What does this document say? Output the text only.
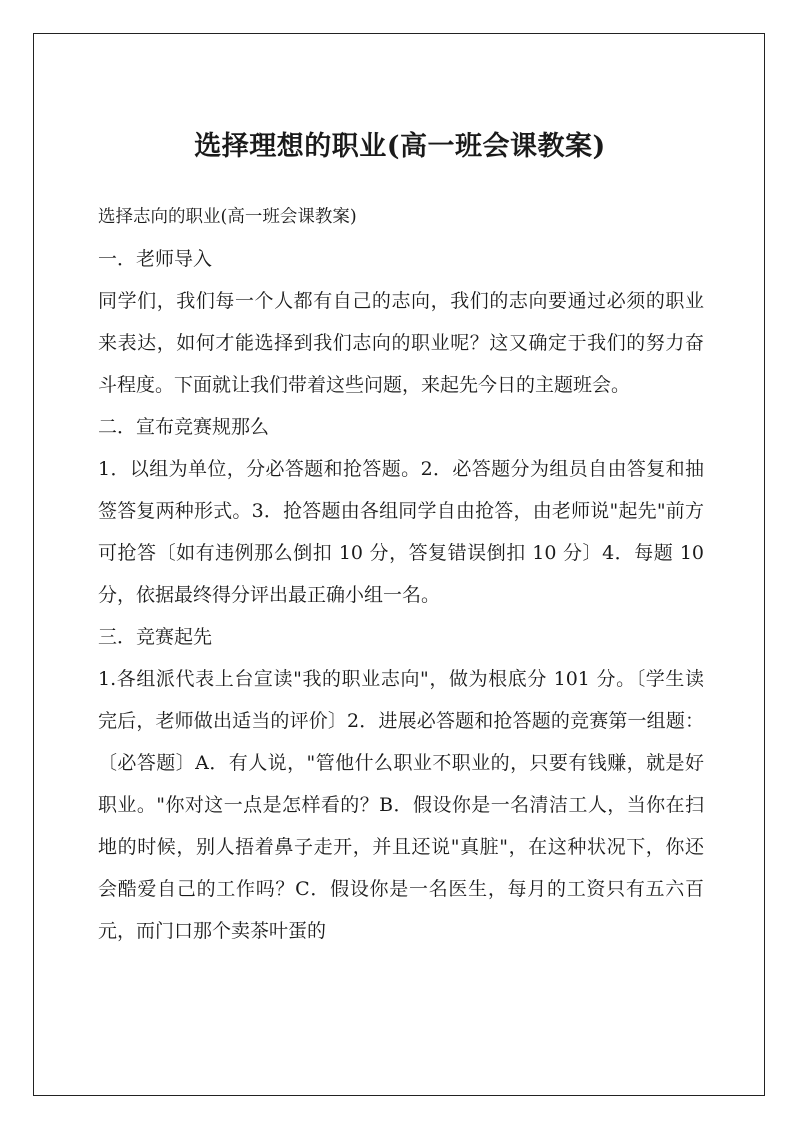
选择理想的职业(高一班会课教案)

选择志向的职业(高一班会课教案)

一．老师导入

同学们，我们每一个人都有自己的志向，我们的志向要通过必须的职业来表达，如何才能选择到我们志向的职业呢？这又确定于我们的努力奋斗程度。下面就让我们带着这些问题，来起先今日的主题班会。

二．宣布竞赛规那么

1．以组为单位，分必答题和抢答题。2．必答题分为组员自由答复和抽签答复两种形式。3．抢答题由各组同学自由抢答，由老师说"起先"前方可抢答〔如有违例那么倒扣 10 分，答复错误倒扣 10 分〕4．每题 10 分，依据最终得分评出最正确小组一名。

三．竞赛起先

1.各组派代表上台宣读"我的职业志向"，做为根底分 101 分。〔学生读完后，老师做出适当的评价〕2．进展必答题和抢答题的竞赛第一组题：〔必答题〕A．有人说，"管他什么职业不职业的，只要有钱赚，就是好职业。"你对这一点是怎样看的？B．假设你是一名清洁工人，当你在扫地的时候，别人捂着鼻子走开，并且还说"真脏"，在这种状况下，你还会酷爱自己的工作吗？C．假设你是一名医生，每月的工资只有五六百元，而门口那个卖茶叶蛋的
